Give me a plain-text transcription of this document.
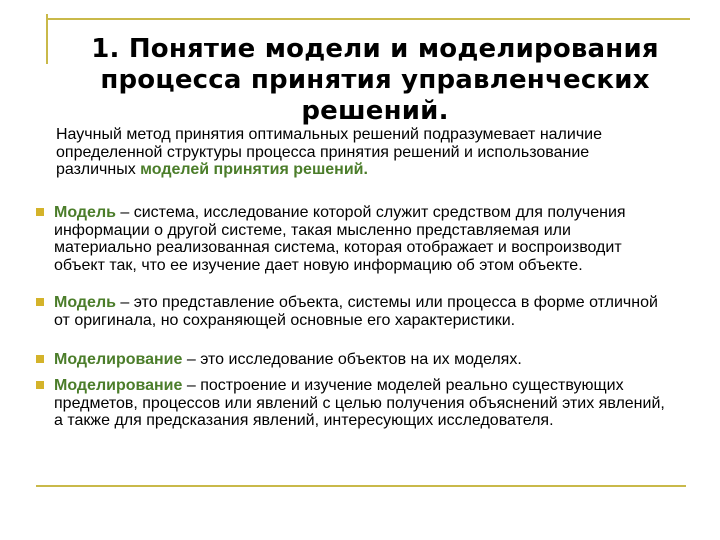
1. Понятие модели и моделирования процесса принятия управленческих решений.

Научный метод принятия оптимальных решений подразумевает наличие определенной структуры процесса принятия решений и использование различных моделей принятия решений.

Модель – система, исследование которой служит средством для получения информации о другой системе, такая мысленно представляемая или материально реализованная система, которая отображает и воспроизводит объект так, что ее изучение дает новую информацию об этом объекте.
Модель – это представление объекта, системы или процесса в форме отличной от оригинала, но сохраняющей основные его характеристики.
Моделирование – это исследование объектов на их моделях.
Моделирование – построение и изучение моделей реально существующих предметов, процессов или явлений с целью получения объяснений этих явлений, а также для предсказания явлений, интересующих исследователя.
